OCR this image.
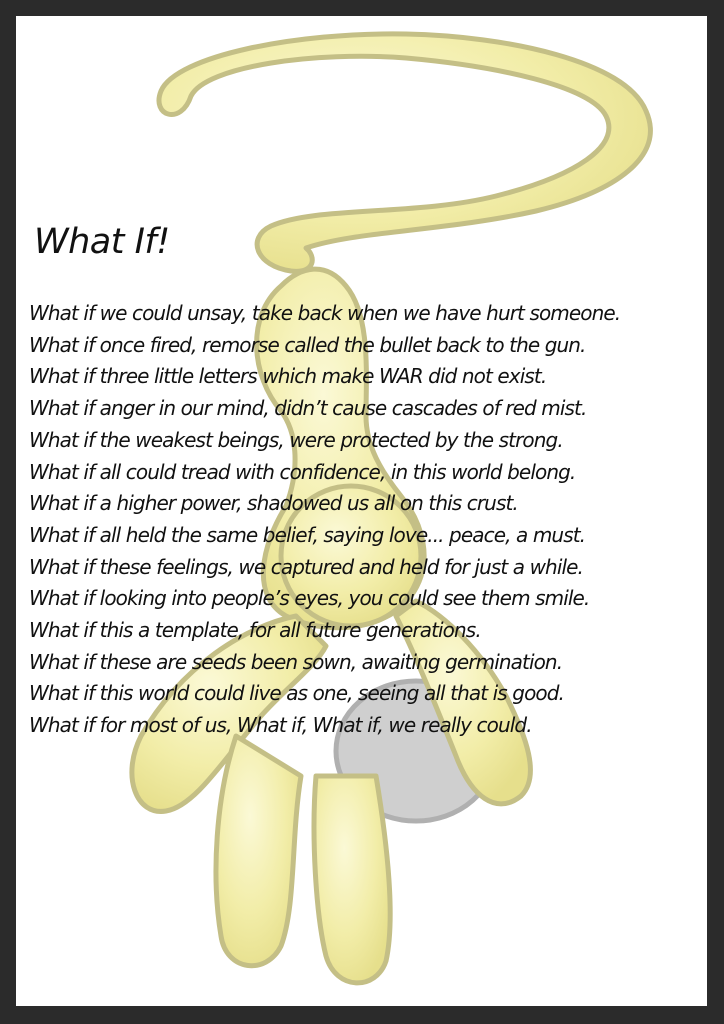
What If!
What if we could unsay, take back when we have hurt someone.
What if once fired, remorse called the bullet back to the gun.
What if three little letters which make WAR did not exist.
What if anger in our mind, didn’t cause cascades of red mist.
What if the weakest beings, were protected by the strong.
What if all could tread with confidence, in this world belong.
What if a higher power, shadowed us all on this crust.
What if all held the same belief, saying love... peace, a must.
What if these feelings, we captured and held for just a while.
What if looking into people’s eyes, you could see them smile.
What if this a template, for all future generations.
What if these are seeds been sown, awaiting germination.
What if this world could live as one, seeing all that is good.
What if for most of us, What if, What if, we really could.
